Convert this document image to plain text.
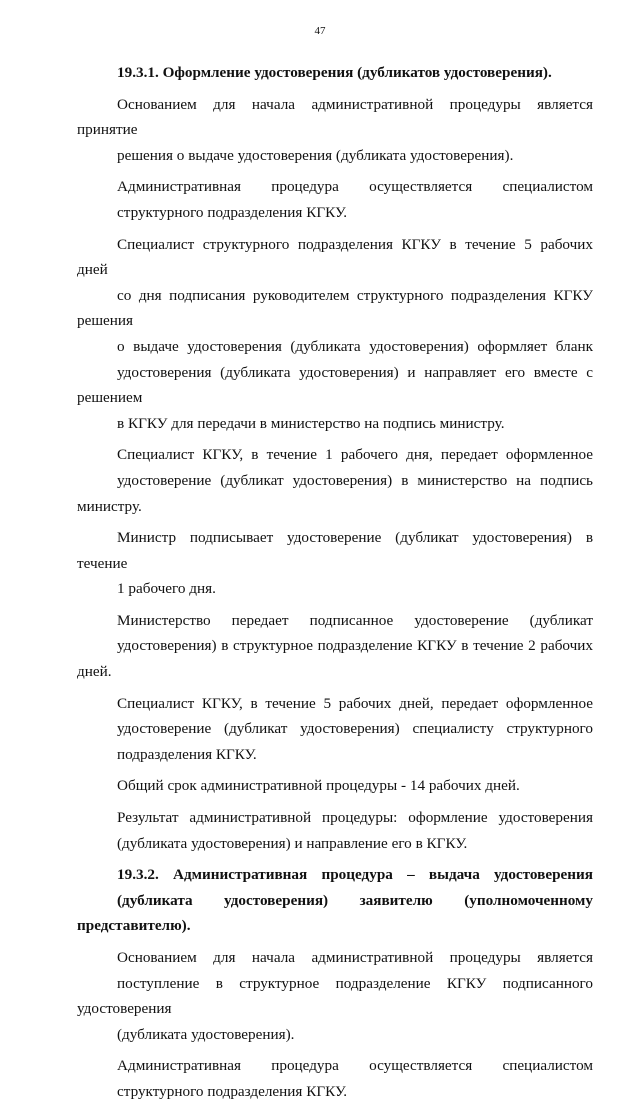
47

19.3.1. Оформление удостоверения (дубликатов удостоверения).

Основанием для начала административной процедуры является принятие
решения о выдаче удостоверения (дубликата удостоверения).

Административная процедура осуществляется специалистом
структурного подразделения КГКУ.

Специалист структурного подразделения КГКУ в течение 5 рабочих дней
со дня подписания руководителем структурного подразделения КГКУ решения
о выдаче удостоверения (дубликата удостоверения) оформляет бланк
удостоверения (дубликата удостоверения) и направляет его вместе с решением
в КГКУ для передачи в министерство на подпись министру.

Специалист КГКУ, в течение 1 рабочего дня, передает оформленное
удостоверение (дубликат удостоверения) в министерство на подпись министру.

Министр подписывает удостоверение (дубликат удостоверения) в течение
1 рабочего дня.

Министерство передает подписанное удостоверение (дубликат
удостоверения) в структурное подразделение КГКУ в течение 2 рабочих дней.

Специалист КГКУ, в течение 5 рабочих дней, передает оформленное
удостоверение (дубликат удостоверения) специалисту структурного
подразделения КГКУ.

Общий срок административной процедуры - 14 рабочих дней.

Результат административной процедуры: оформление удостоверения
(дубликата удостоверения) и направление его в КГКУ.

19.3.2. Административная процедура – выдача удостоверения
(дубликата удостоверения) заявителю (уполномоченному представителю).

Основанием для начала административной процедуры является
поступление в структурное подразделение КГКУ подписанного удостоверения
(дубликата удостоверения).

Административная процедура осуществляется специалистом
структурного подразделения КГКУ.
